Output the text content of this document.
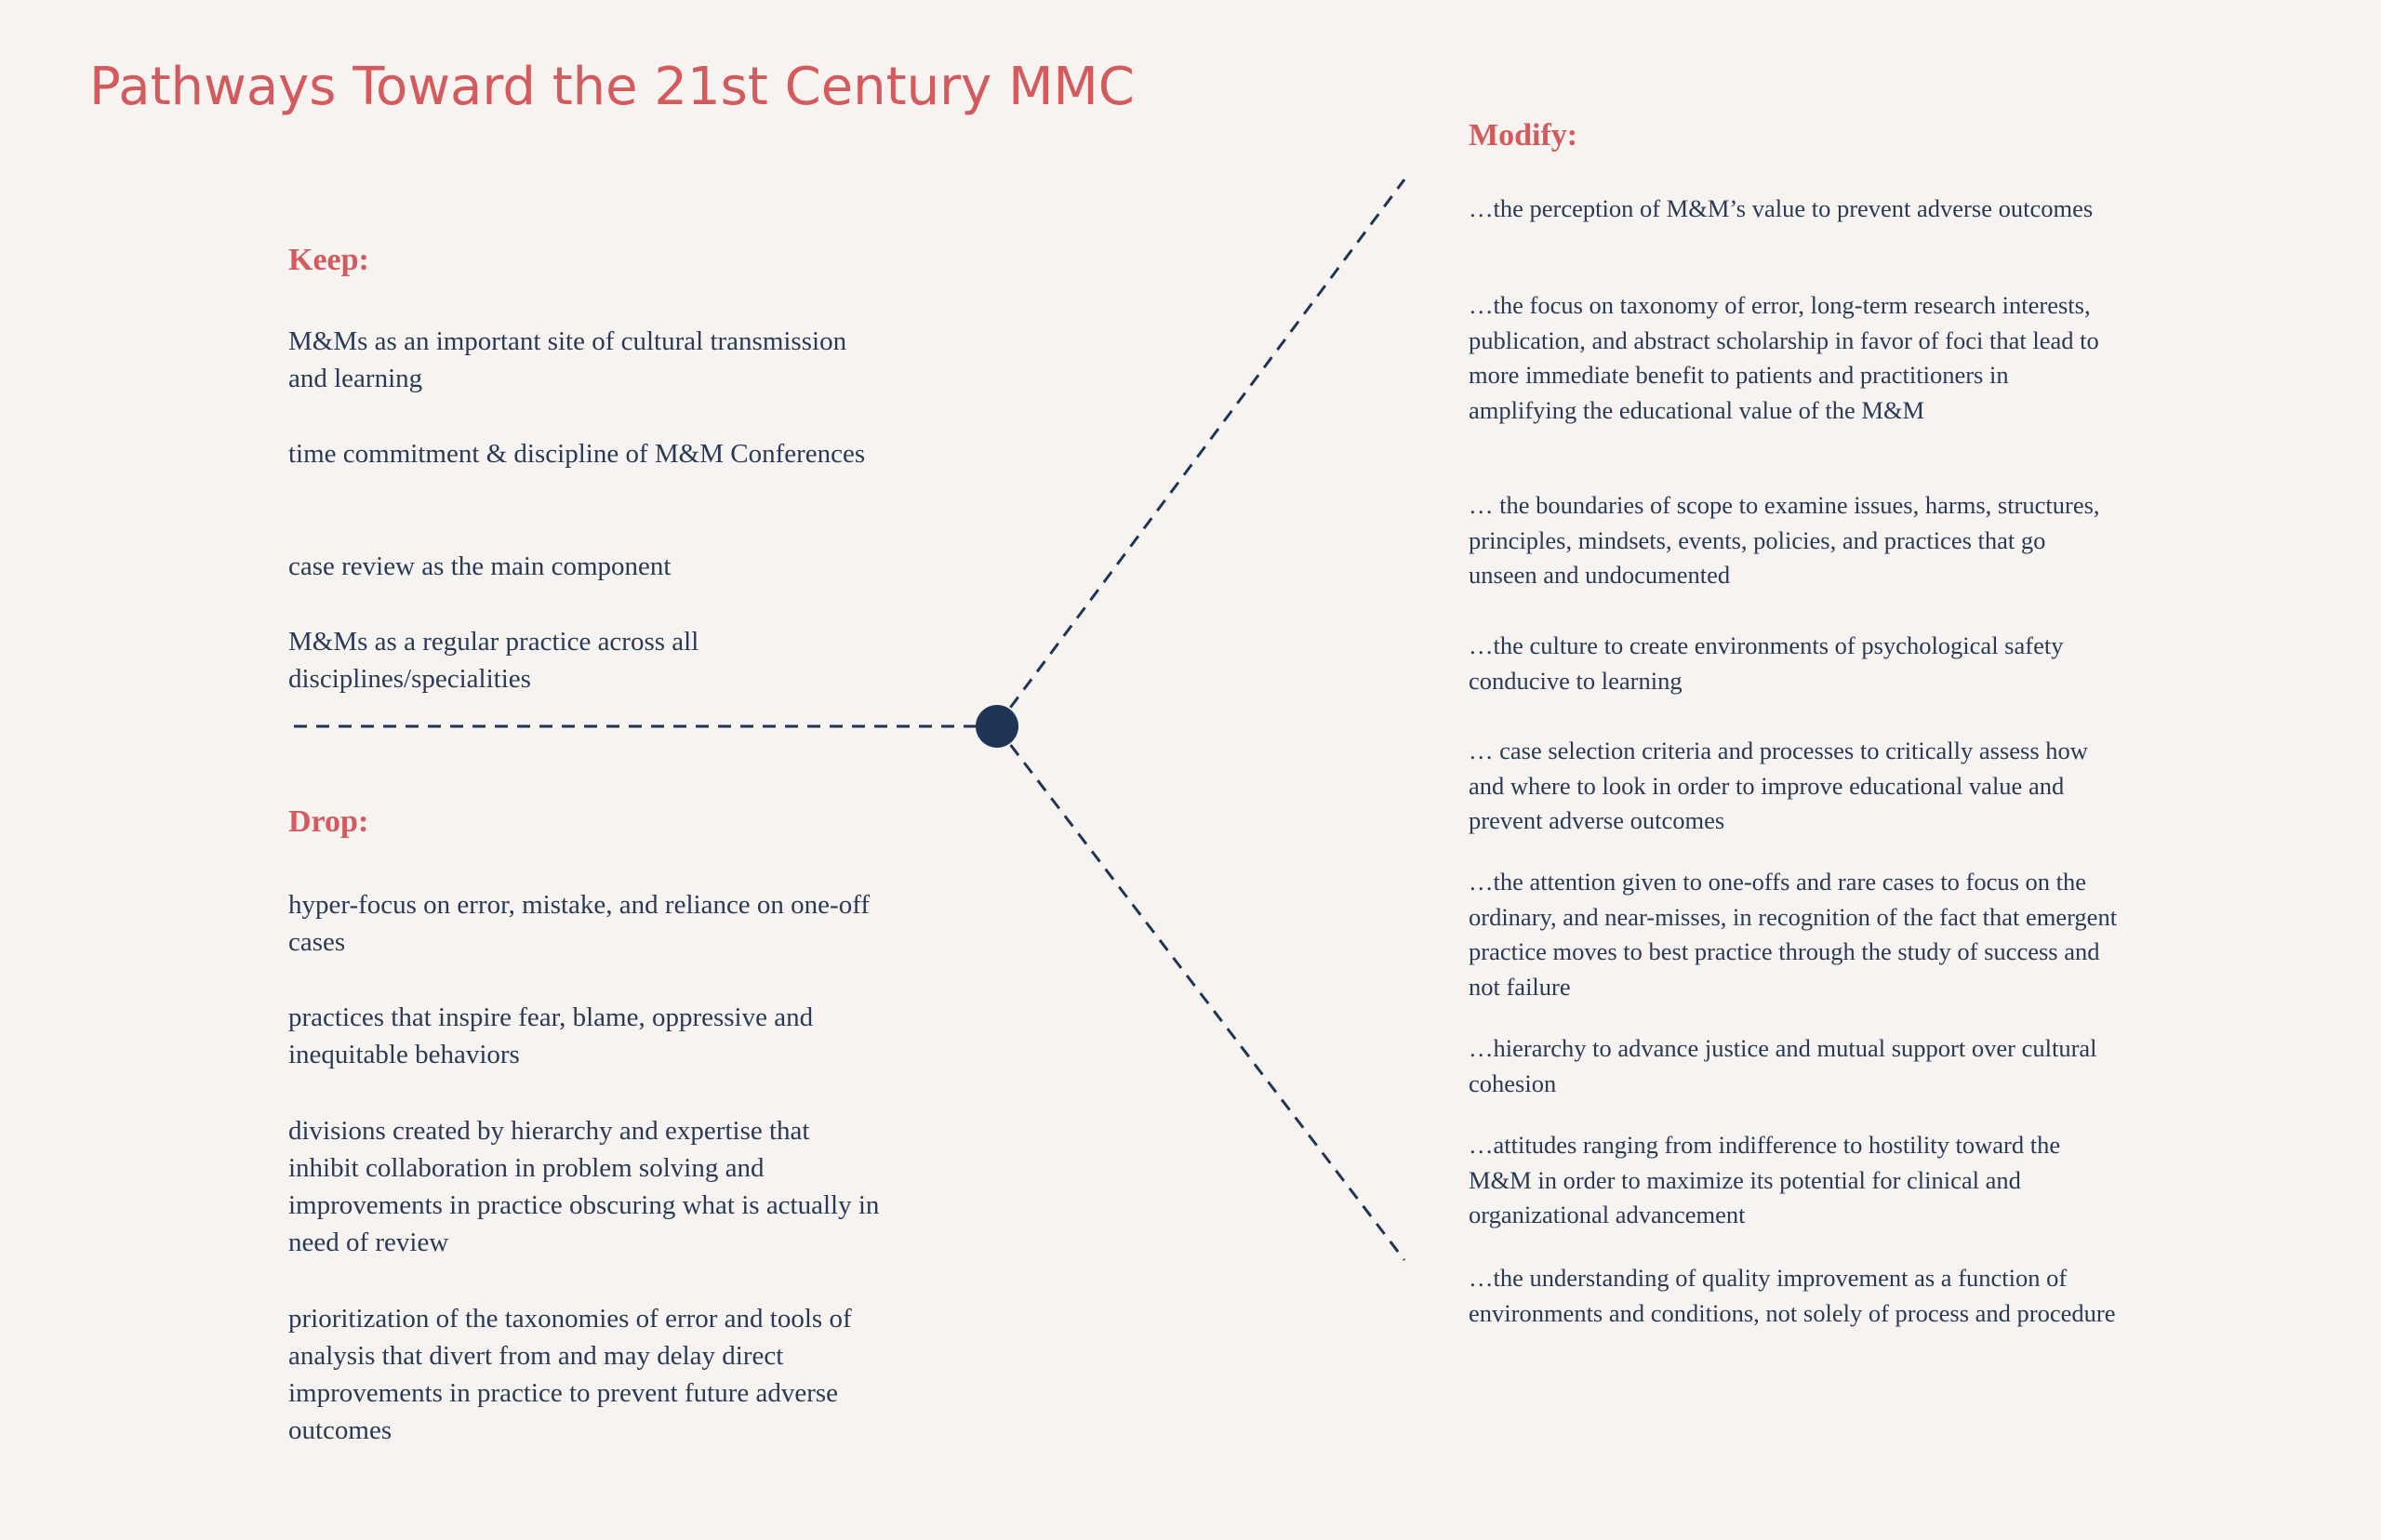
Pathways Toward the 21st Century MMC
Keep:

M&Ms as an important site of cultural transmission and learning

time commitment & discipline of M&M Conferences

case review as the main component

M&Ms as a regular practice across all disciplines/specialities

Drop:

hyper-focus on error, mistake, and reliance on one-off cases

practices that inspire fear, blame, oppressive and inequitable behaviors

divisions created by hierarchy and expertise that inhibit collaboration in problem solving and improvements in practice obscuring what is actually in need of review

prioritization of the taxonomies of error and tools of analysis that divert from and may delay direct improvements in practice to prevent future adverse outcomes

Modify:

…the perception of M&M’s value to prevent adverse outcomes

…the focus on taxonomy of error, long-term research interests, publication, and abstract scholarship in favor of foci that lead to more immediate benefit to patients and practitioners in amplifying the educational value of the M&M

… the boundaries of scope to examine issues, harms, structures, principles, mindsets, events, policies, and practices that go unseen and undocumented

…the culture to create environments of psychological safety conducive to learning

… case selection criteria and processes to critically assess how and where to look in order to improve educational value and prevent adverse outcomes

…the attention given to one-offs and rare cases to focus on the ordinary, and near-misses, in recognition of the fact that emergent practice moves to best practice through the study of success and not failure

…hierarchy to advance justice and mutual support over cultural cohesion

…attitudes ranging from indifference to hostility toward the M&M in order to maximize its potential for clinical and organizational advancement

…the understanding of quality improvement as a function of environments and conditions, not solely of process and procedure
